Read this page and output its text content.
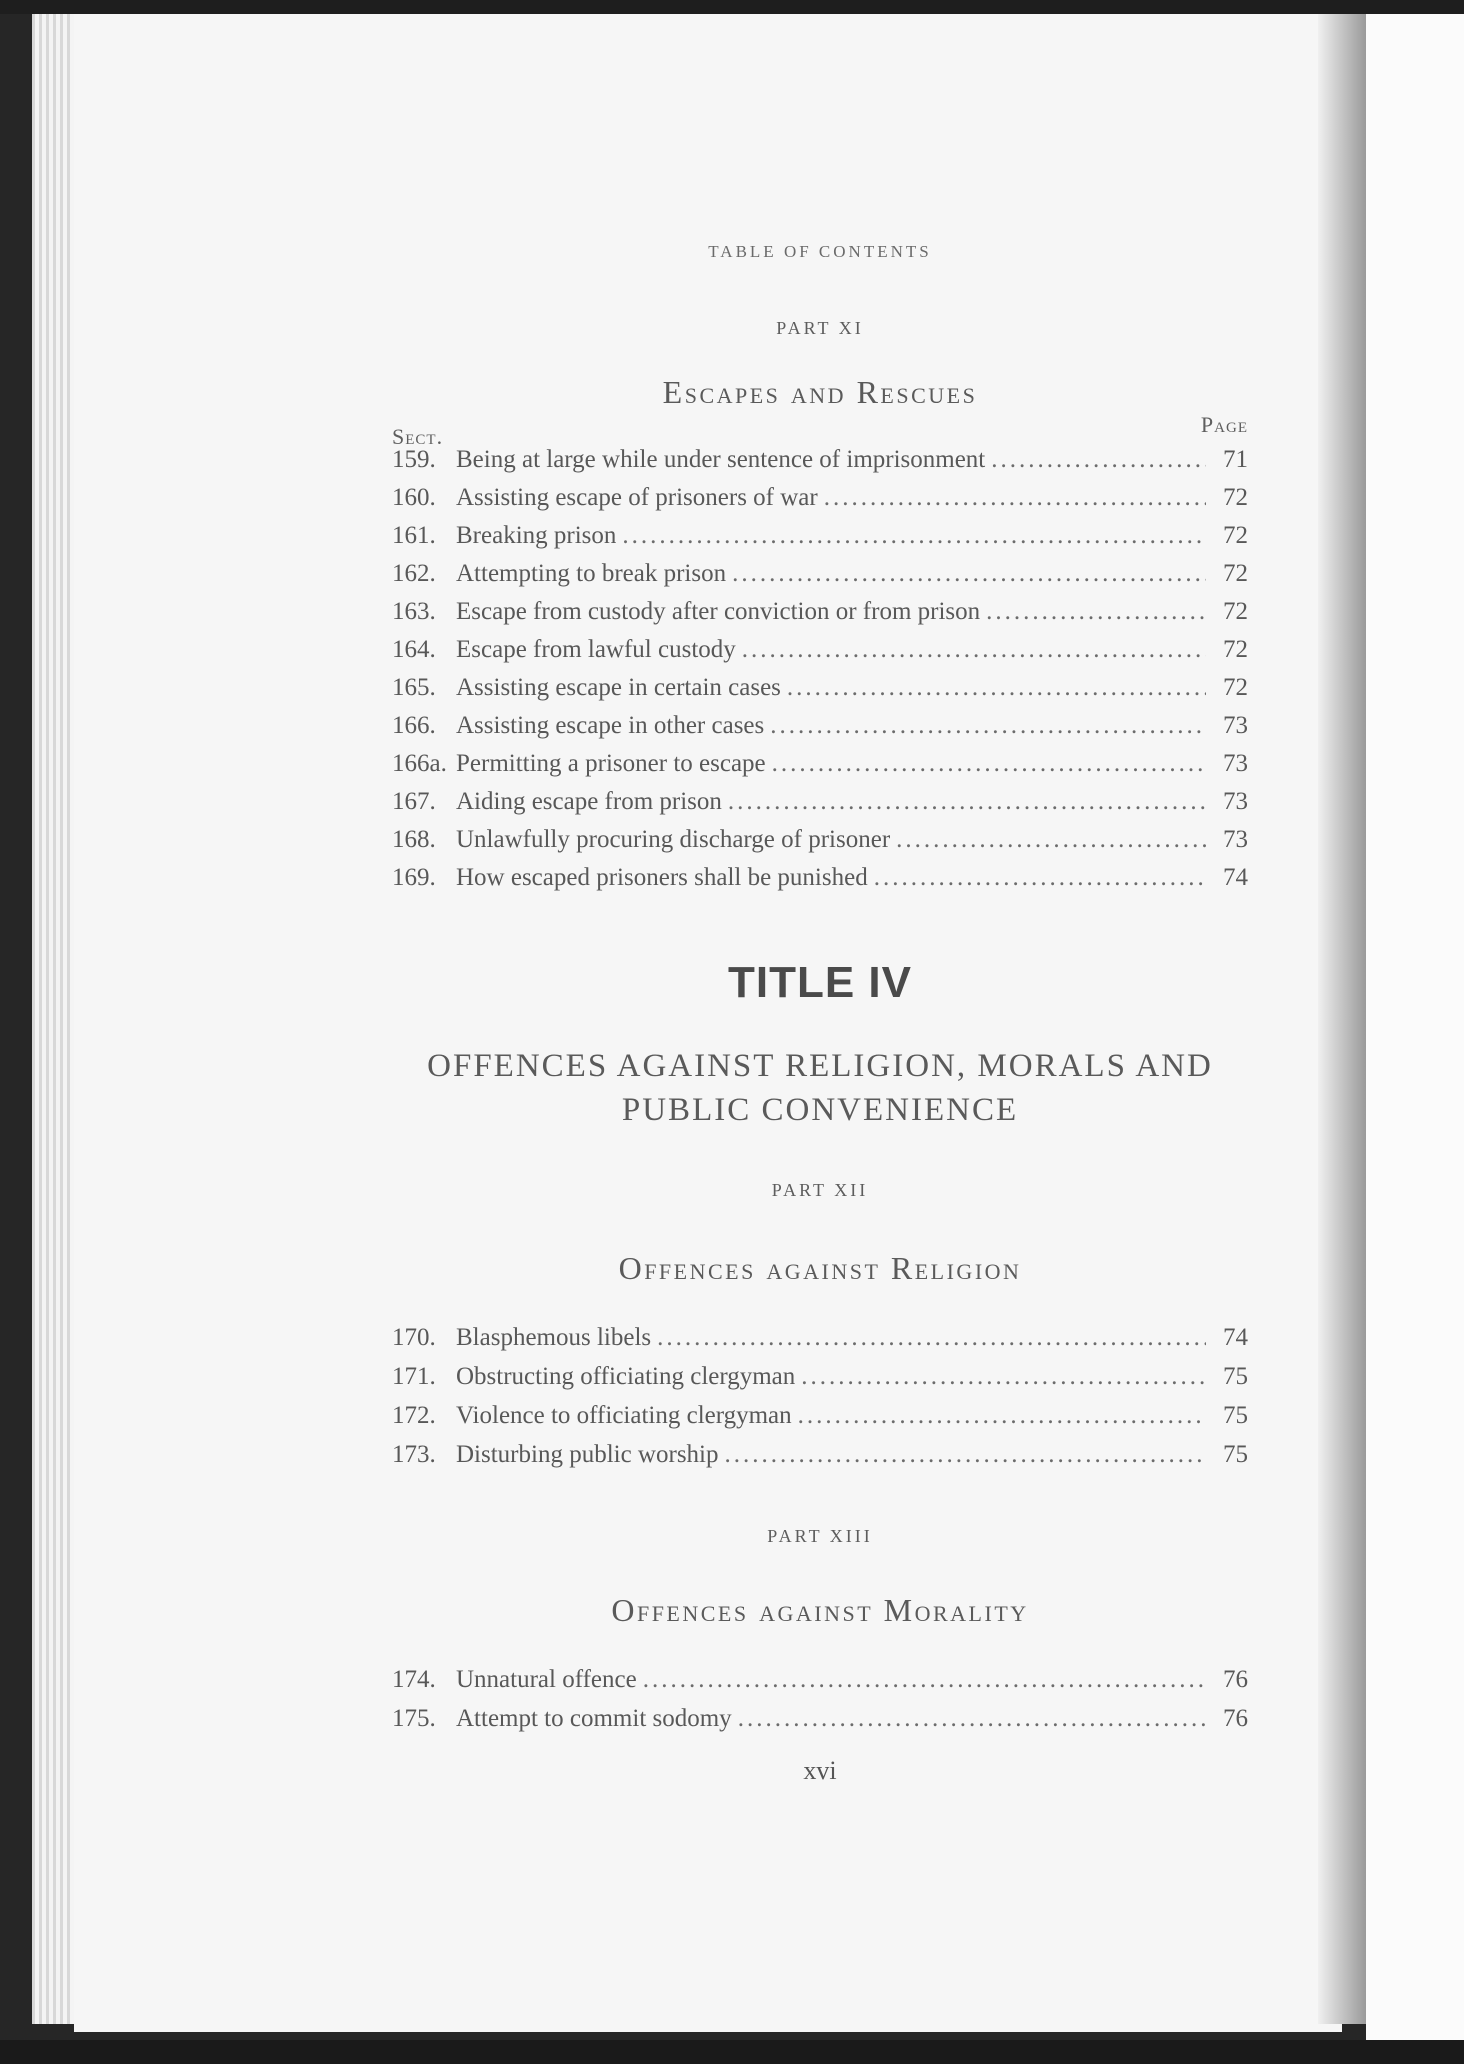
TABLE OF CONTENTS
PART XI
Escapes and Rescues
Sect.	Page
159. Being at large while under sentence of imprisonment .....	71
160. Assisting escape of prisoners of war .....	72
161. Breaking prison .....	72
162. Attempting to break prison .....	72
163. Escape from custody after conviction or from prison .....	72
164. Escape from lawful custody .....	72
165. Assisting escape in certain cases .....	72
166. Assisting escape in other cases .....	73
166a. Permitting a prisoner to escape .....	73
167. Aiding escape from prison .....	73
168. Unlawfully procuring discharge of prisoner .....	73
169. How escaped prisoners shall be punished .....	74
TITLE IV
OFFENCES AGAINST RELIGION, MORALS AND
PUBLIC CONVENIENCE
PART XII
Offences against Religion
170. Blasphemous libels .....	74
171. Obstructing officiating clergyman .....	75
172. Violence to officiating clergyman .....	75
173. Disturbing public worship .....	75
PART XIII
Offences against Morality
174. Unnatural offence .....	76
175. Attempt to commit sodomy .....	76
xvi
